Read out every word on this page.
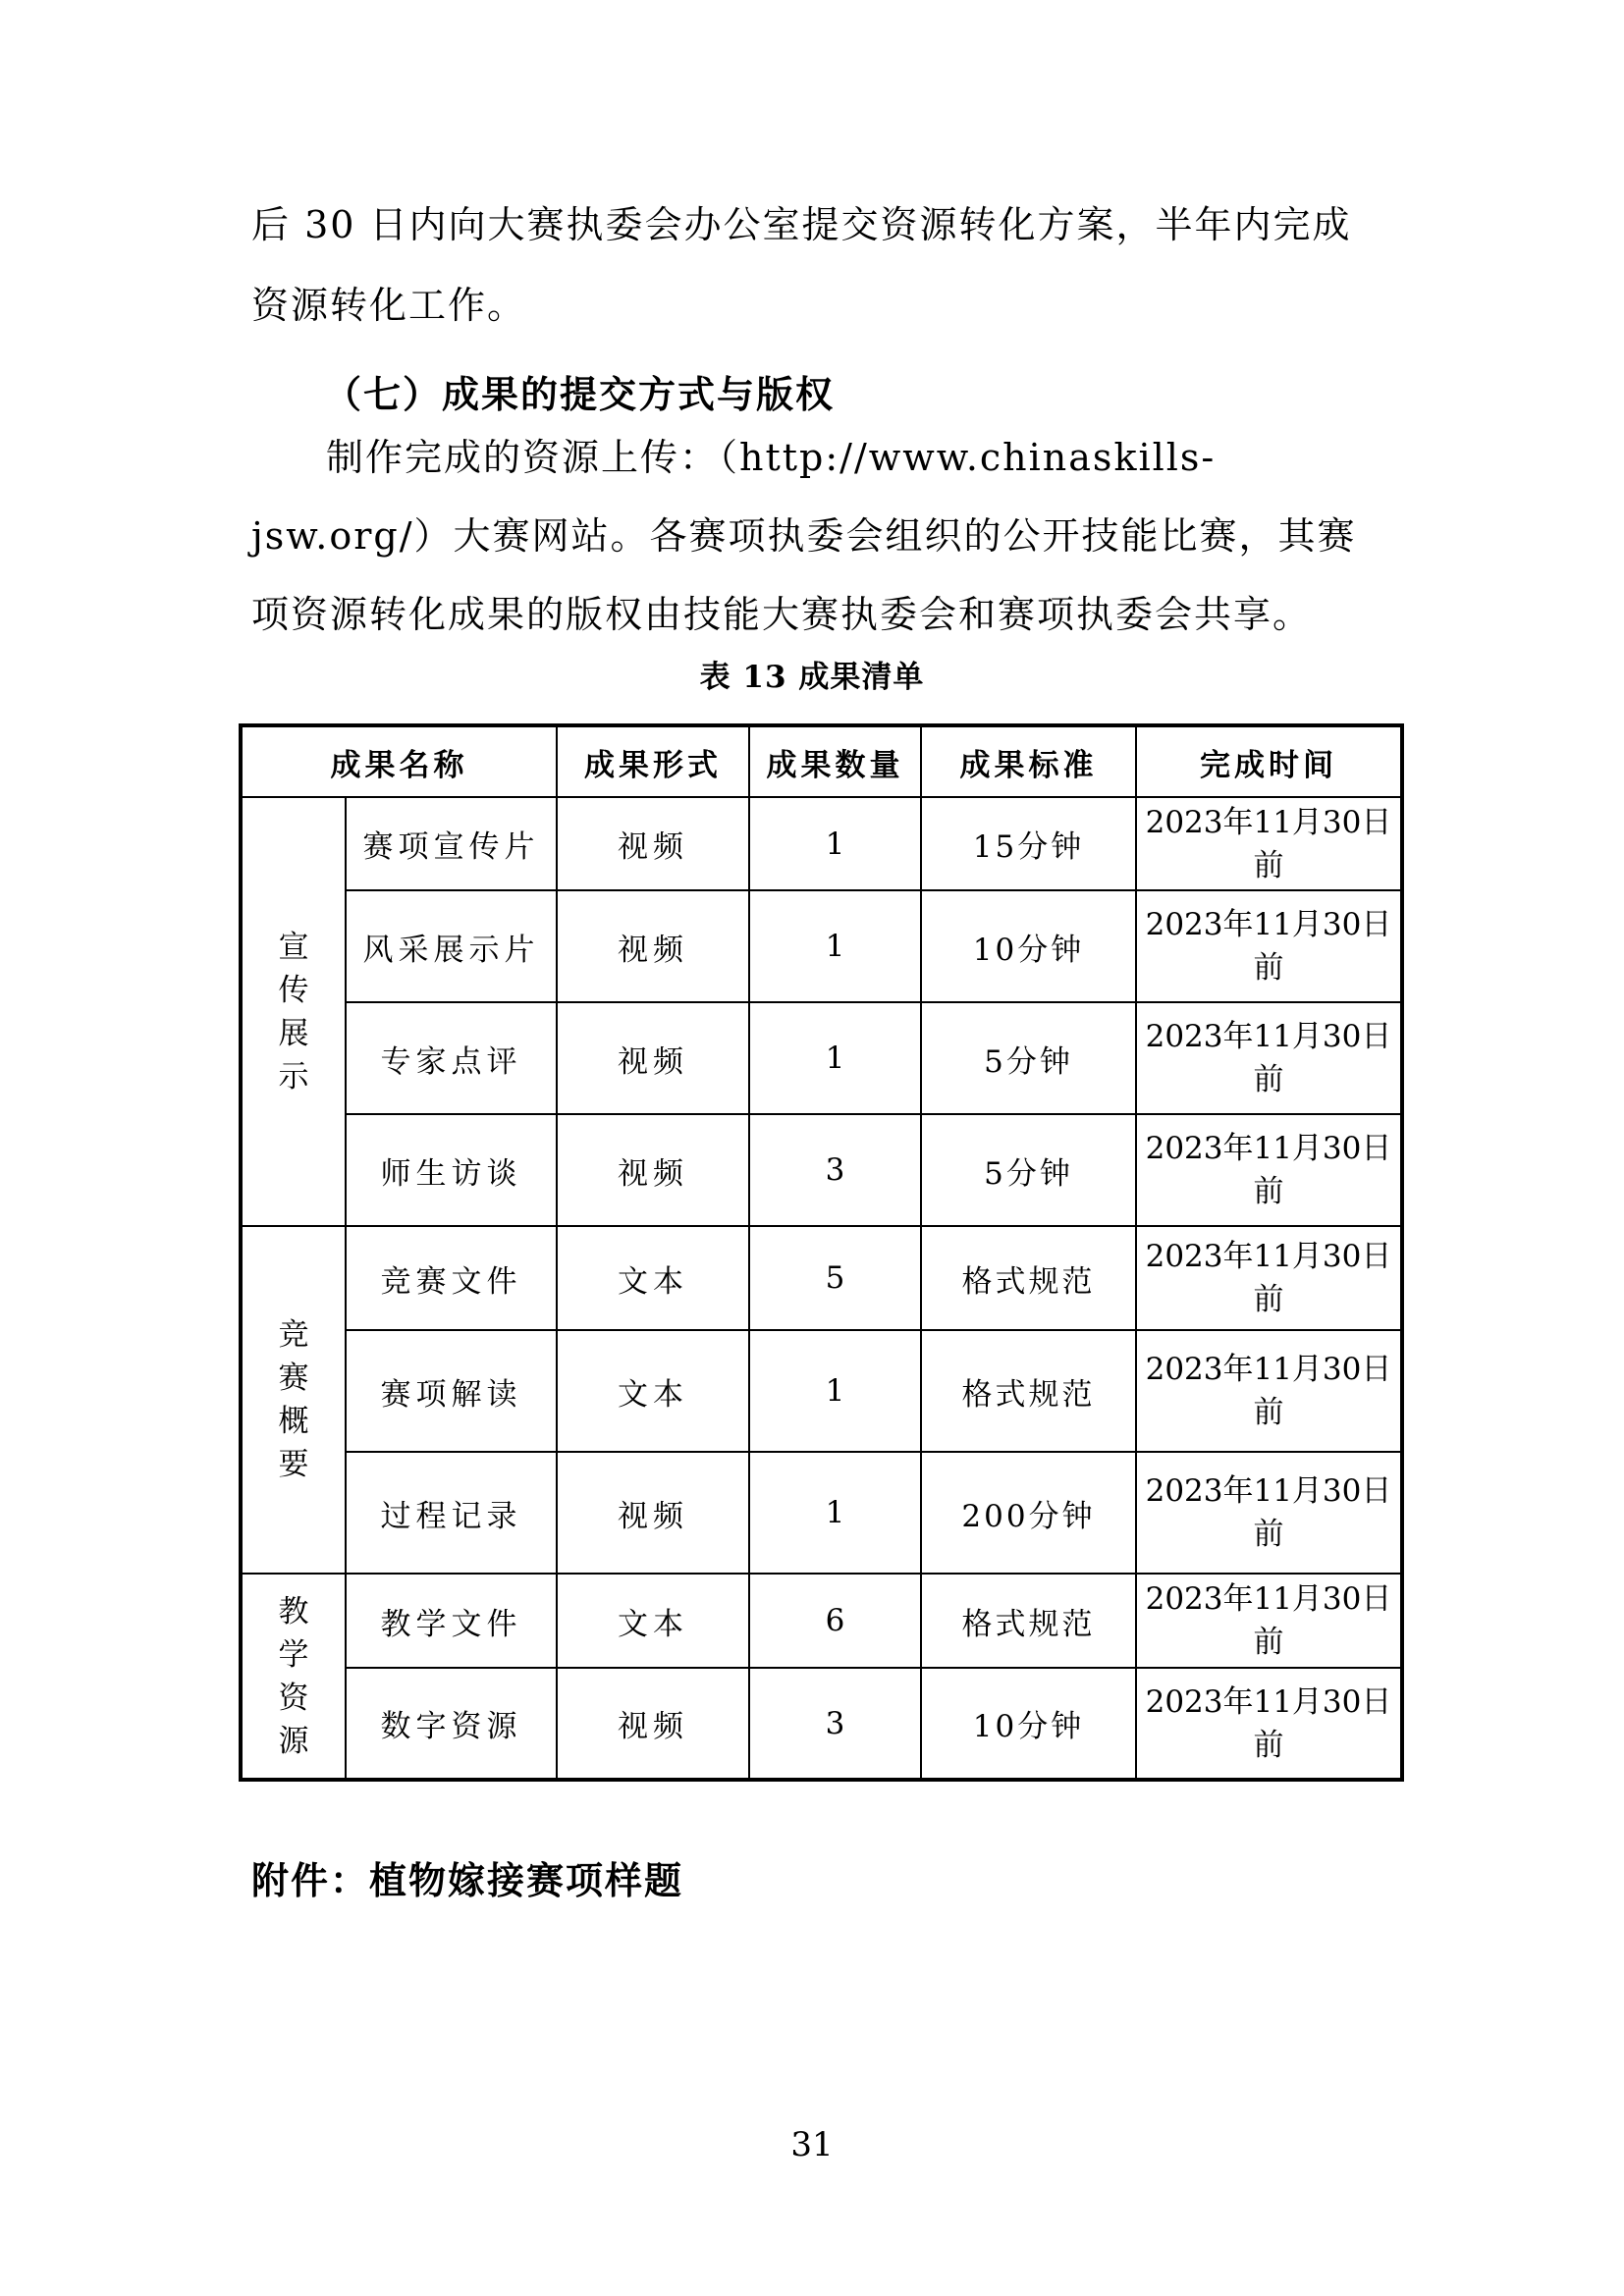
后 30 日内向大赛执委会办公室提交资源转化方案，半年内完成资源转化工作。

（七）成果的提交方式与版权

制作完成的资源上传：（http://www.chinaskills-jsw.org/）大赛网站。各赛项执委会组织的公开技能比赛，其赛项资源转化成果的版权由技能大赛执委会和赛项执委会共享。

表 13 成果清单
成果名称		成果形式	成果数量	成果标准	完成时间
宣传展示	赛项宣传片	视频	1	15分钟	2023年11月30日前
	风采展示片	视频	1	10分钟	2023年11月30日前
	专家点评	视频	1	5分钟	2023年11月30日前
	师生访谈	视频	3	5分钟	2023年11月30日前
竞赛概要	竞赛文件	文本	5	格式规范	2023年11月30日前
	赛项解读	文本	1	格式规范	2023年11月30日前
	过程记录	视频	1	200分钟	2023年11月30日前
教学资源	教学文件	文本	6	格式规范	2023年11月30日前
	数字资源	视频	3	10分钟	2023年11月30日前

附件：植物嫁接赛项样题

31
